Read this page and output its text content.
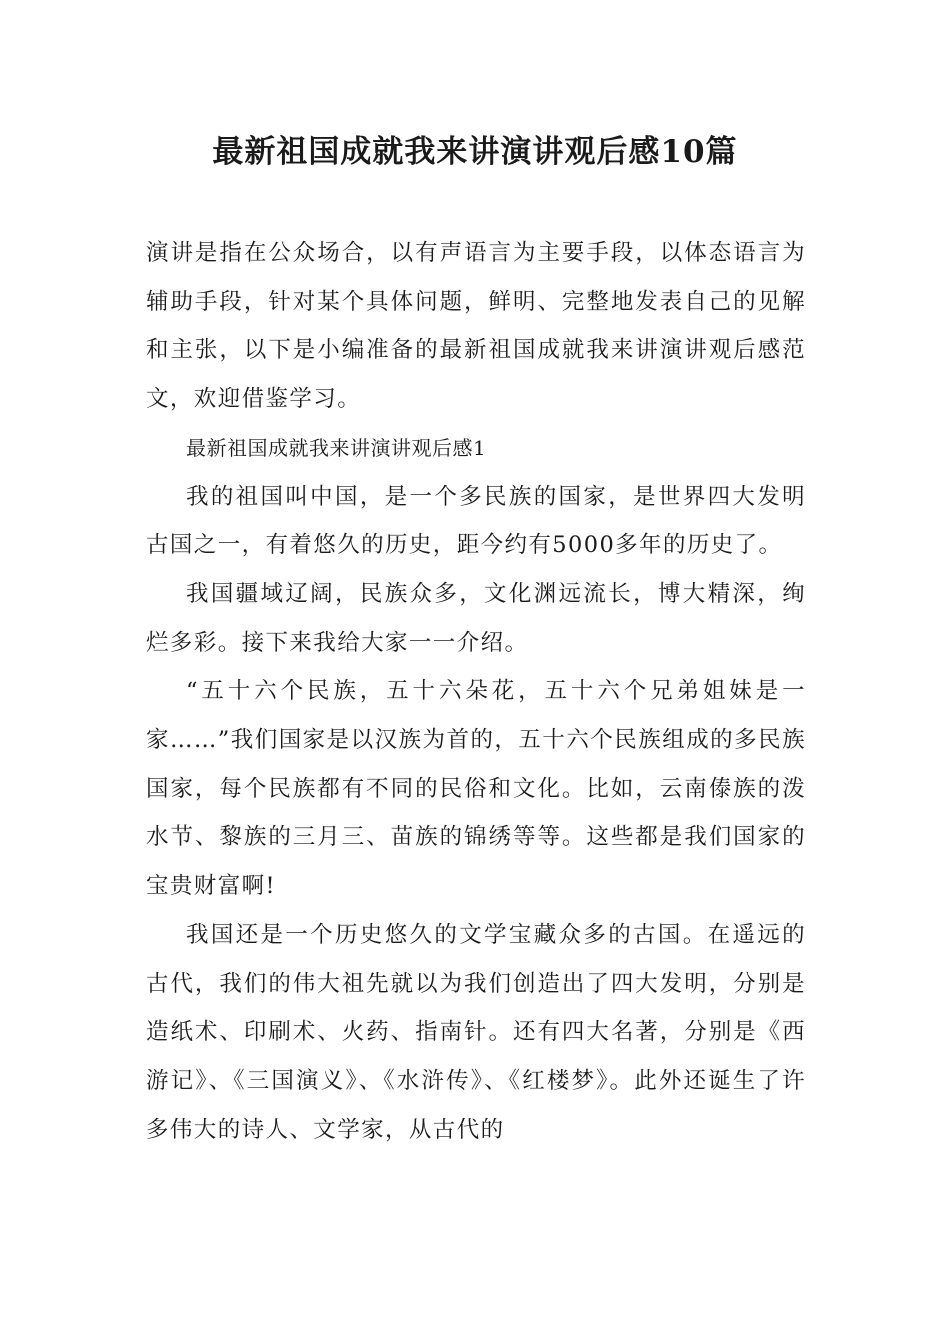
最新祖国成就我来讲演讲观后感10篇

演讲是指在公众场合，以有声语言为主要手段，以体态语言为辅助手段，针对某个具体问题，鲜明、完整地发表自己的见解和主张，以下是小编准备的最新祖国成就我来讲演讲观后感范文，欢迎借鉴学习。

最新祖国成就我来讲演讲观后感1

我的祖国叫中国，是一个多民族的国家，是世界四大发明古国之一，有着悠久的历史，距今约有5000多年的历史了。

我国疆域辽阔，民族众多，文化渊远流长，博大精深，绚烂多彩。接下来我给大家一一介绍。

“五十六个民族，五十六朵花，五十六个兄弟姐妹是一家……”我们国家是以汉族为首的，五十六个民族组成的多民族国家，每个民族都有不同的民俗和文化。比如，云南傣族的泼水节、黎族的三月三、苗族的锦绣等等。这些都是我们国家的宝贵财富啊!

我国还是一个历史悠久的文学宝藏众多的古国。在遥远的古代，我们的伟大祖先就以为我们创造出了四大发明，分别是造纸术、印刷术、火药、指南针。还有四大名著，分别是《西游记》、《三国演义》、《水浒传》、《红楼梦》。此外还诞生了许多伟大的诗人、文学家，从古代的
